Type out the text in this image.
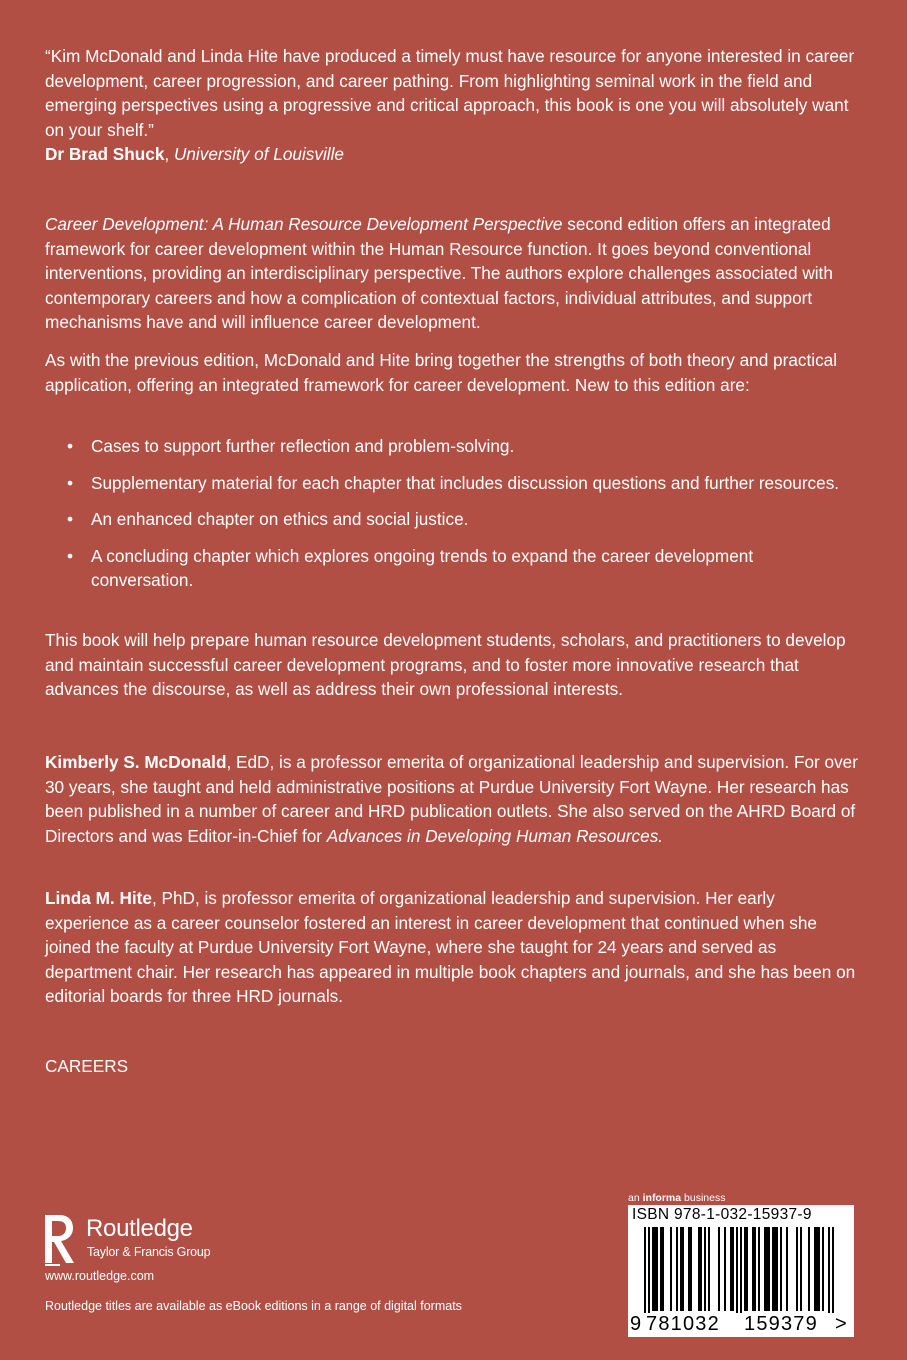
“Kim McDonald and Linda Hite have produced a timely must have resource for anyone interested in career development, career progression, and career pathing. From highlighting seminal work in the field and emerging perspectives using a progressive and critical approach, this book is one you will absolutely want on your shelf.”

Dr Brad Shuck, University of Louisville

Career Development: A Human Resource Development Perspective second edition offers an integrated framework for career development within the Human Resource function. It goes beyond conventional interventions, providing an interdisciplinary perspective. The authors explore challenges associated with contemporary careers and how a complication of contextual factors, individual attributes, and support mechanisms have and will influence career development.

As with the previous edition, McDonald and Hite bring together the strengths of both theory and practical application, offering an integrated framework for career development. New to this edition are:

• Cases to support further reflection and problem-solving.
• Supplementary material for each chapter that includes discussion questions and further resources.
• An enhanced chapter on ethics and social justice.
• A concluding chapter which explores ongoing trends to expand the career development conversation.

This book will help prepare human resource development students, scholars, and practitioners to develop and maintain successful career development programs, and to foster more innovative research that advances the discourse, as well as address their own professional interests.

Kimberly S. McDonald, EdD, is a professor emerita of organizational leadership and supervision. For over 30 years, she taught and held administrative positions at Purdue University Fort Wayne. Her research has been published in a number of career and HRD publication outlets. She also served on the AHRD Board of Directors and was Editor-in-Chief for Advances in Developing Human Resources.

Linda M. Hite, PhD, is professor emerita of organizational leadership and supervision. Her early experience as a career counselor fostered an interest in career development that continued when she joined the faculty at Purdue University Fort Wayne, where she taught for 24 years and served as department chair. Her research has appeared in multiple book chapters and journals, and she has been on editorial boards for three HRD journals.

CAREERS
Routledge
Taylor & Francis Group
www.routledge.com
Routledge titles are available as eBook editions in a range of digital formats
an informa business
ISBN 978-1-032-15937-9
9 781032 159379 >
